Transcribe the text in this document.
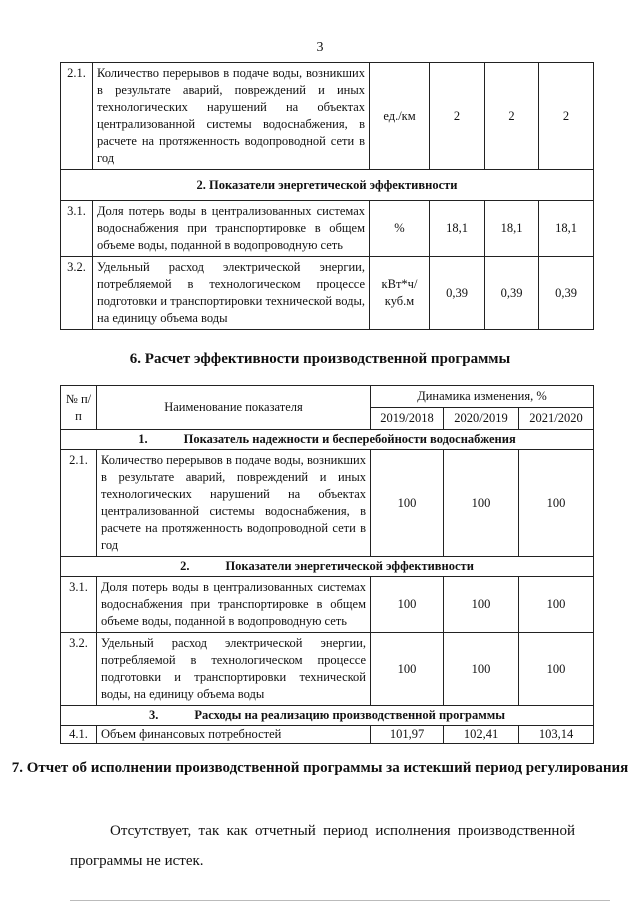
3
2.1.	Количество перерывов в подаче воды, возникших в результате аварий, повреждений и иных технологических нарушений на объектах централизованной системы водоснабжения, в расчете на протяженность водопроводной сети в год	ед./км	2	2	2
2. Показатели энергетической эффективности					
3.1.	Доля потерь воды в централизованных системах водоснабжения при транспортировке в общем объеме воды, поданной в водопроводную сеть	%	18,1	18,1	18,1
3.2.	Удельный расход электрической энергии, потребляемой в технологическом процессе подготовки и транспортировки технической воды, на единицу объема воды	кВт*ч/ куб.м	0,39	0,39	0,39
6. Расчет эффективности производственной программы
№ п/п	Наименование показателя	Динамика изменения, %		
		2019/2018	2020/2019	2021/2020
1. Показатель надежности и бесперебойности водоснабжения				
2.1.	Количество перерывов в подаче воды, возникших в результате аварий, повреждений и иных технологических нарушений на объектах централизованной системы водоснабжения, в расчете на протяженность водопроводной сети в год	100	100	100
2. Показатели энергетической эффективности				
3.1.	Доля потерь воды в централизованных системах водоснабжения при транспортировке в общем объеме воды, поданной в водопроводную сеть	100	100	100
3.2.	Удельный расход электрической энергии, потребляемой в технологическом процессе подготовки и транспортировки технической воды, на единицу объема воды	100	100	100
3. Расходы на реализацию производственной программы				
4.1.	Объем финансовых потребностей	101,97	102,41	103,14
7. Отчет об исполнении производственной программы за истекший период регулирования
Отсутствует, так как отчетный период исполнения производственной программы не истек.
